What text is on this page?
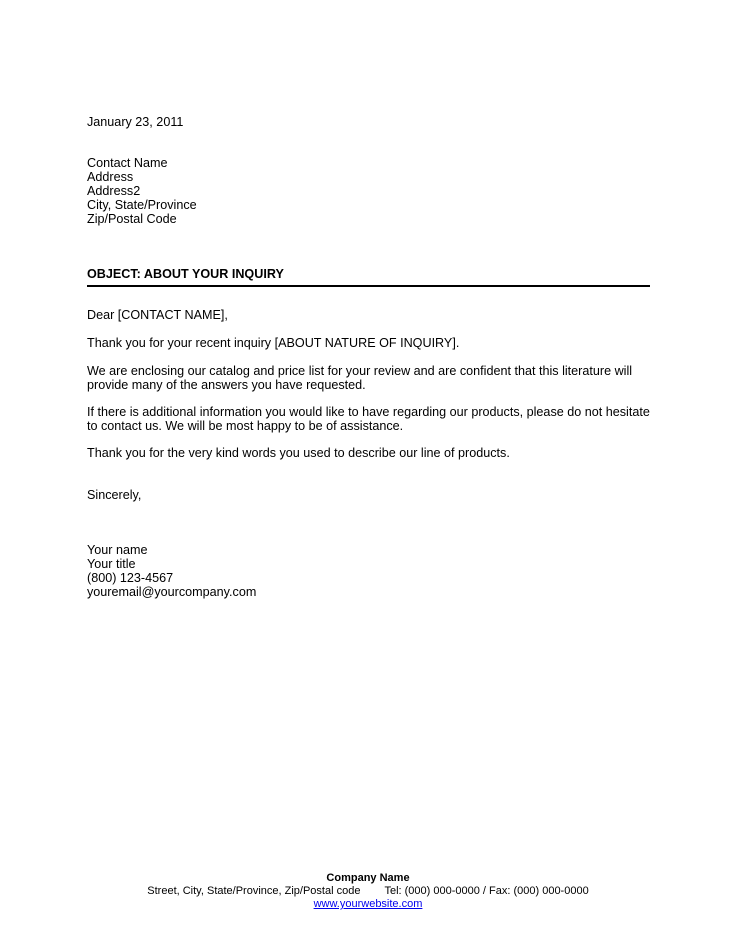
January 23, 2011
Contact Name
Address
Address2
City, State/Province
Zip/Postal Code
OBJECT: ABOUT YOUR INQUIRY
Dear [CONTACT NAME],
Thank you for your recent inquiry [ABOUT NATURE OF INQUIRY].
We are enclosing our catalog and price list for your review and are confident that this literature will provide many of the answers you have requested.
If there is additional information you would like to have regarding our products, please do not hesitate to contact us. We will be most happy to be of assistance.
Thank you for the very kind words you used to describe our line of products.
Sincerely,
Your name
Your title
(800) 123-4567
youremail@yourcompany.com
Company Name
Street, City, State/Province, Zip/Postal code Tel: (000) 000-0000 / Fax: (000) 000-0000
www.yourwebsite.com
